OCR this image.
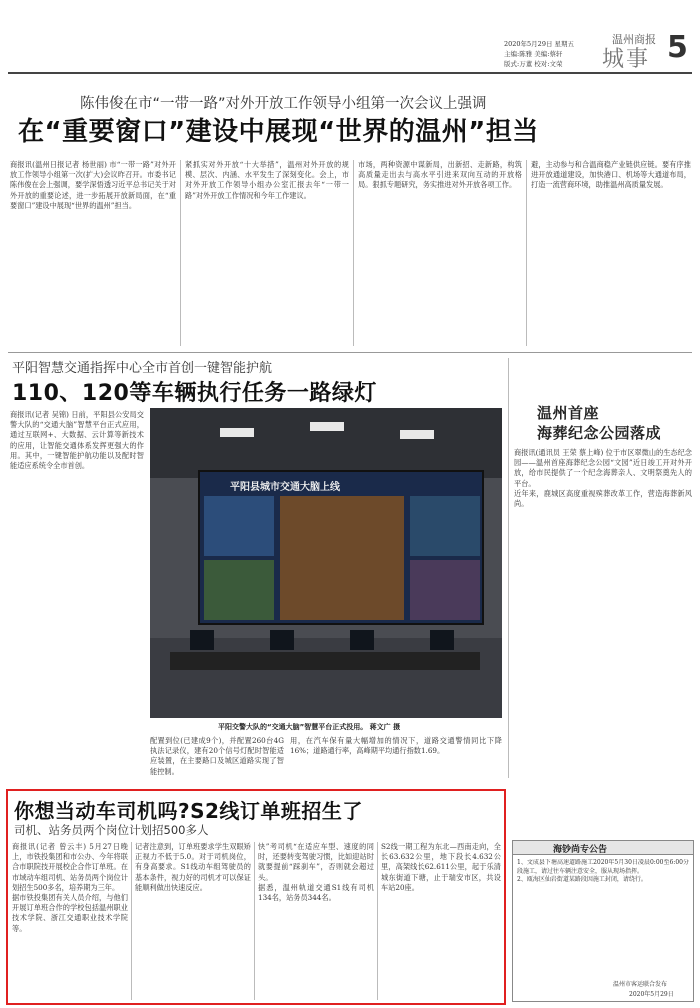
2020年5月29日 星期五
主编:陈雅 美编:蔡轩
版式:万董 校对:文荣
温州商报
城事 5
陈伟俊在市“一带一路”对外开放工作领导小组第一次会议上强调
在“重要窗口”建设中展现“世界的温州”担当
商报讯(温州日报记者 杨世丽) 市“一带一路”对外开放工作领导小组第一次(扩大)会议昨召开。市委书记陈伟俊在会上强调，要学深悟透习近平总书记关于对外开放的重要论述，进一步拓展开放新局面，在“重要窗口”建设中展现“世界的温州”担当。
紧抓实对外开放“十大举措”，温州对外开放的规模、层次、内涵、水平发生了深刻变化。会上，市对外开放工作领导小组办公室汇报去年“一带一路”对外开放工作情况和今年工作建议。
市场，两种资源中谋新局，出新招、走新路，构筑高质量走出去与高水平引进来双向互动的开放格局。狠抓专题研究，务实推进对外开放各项工作。
避，主动参与和合温商稳产业链供应链。要有序推进开放通道建设，加快港口、机场等大通道布局，打造一流营商环境，助推温州高质量发展。
平阳智慧交通指挥中心全市首创一键智能护航
110、120等车辆执行任务一路绿灯
商报讯(记者 吴锦) 日前，平阳县公安局交警大队的“交通大脑”智慧平台正式应用，通过互联网+、大数据、云计算等新技术的应用，让智能交通体系发挥更强大的作用。其中，一键智能护航功能以及配时智能适应系统令全市首创。
平阳县城市交通大脑上线
平阳交警大队的“交通大脑”智慧平台正式投用。 蒋文广 摄
配置到位(已建成9个)，并配置260台4G执法记录仪，建有20个信号灯配时智能适应装置，在主要路口及城区道路实现了智能控制。
用，在汽车保有量大幅增加的情况下，道路交通警情同比下降16%；道路通行率，高峰期平均通行指数1.69。
温州首座
海葬纪念公园落成
商报讯(通讯员 王荣 蔡上峰) 位于市区翠微山的生态纪念园——温州首座海葬纪念公园“文园”近日竣工开对外开放，给市民提供了一个纪念海葬亲人、文明祭奠先人的平台。
近年来，鹿城区高度重视殡葬改革工作，营造海葬新风尚。
你想当动车司机吗?S2线订单班招生了
司机、站务员两个岗位计划招500多人
商报讯(记者 曾云丰) 5月27日晚上，市铁投集团和市公办、今年将联合市职院技开展校企合作订单班。在市域动车组司机、站务员两个岗位计划招生500多名，培养期为三年。
据市铁投集团有关人员介绍，与他们开展订单班合作的学校包括温州职业技术学院、浙江交通职业技术学院等。
记者注意到，订单班要求学生双眼矫正视力不低于5.0。对于司机岗位，有身高要求。S1线动车组驾驶员的基本条件，视力好的司机才可以保证能顺利做出快速反应。
快”考司机“在适应车型、速度的同时，还要转变驾驶习惯，比如迎站时就要提前“踩刹车”，否则就会超过头。
据悉，温州轨道交通S1线有司机134名，站务员344名。
S2线一期工程为东北—西南走向，全长63.632公里，地下段长4.632公里，高架线长62.611公里，起于乐清城东街道下塘，止于瑞安市区，共设车站20座。
海钞尚专公告
1、文成县下塘高速道路施工2020年5月30日凌晨0:00至6:00分段施工，请过往车辆注意安全，服从现场指挥。
2、瓯海区仙岩街道某路段因施工封闭，请绕行。
温州市客运联合发布
2020年5月29日
